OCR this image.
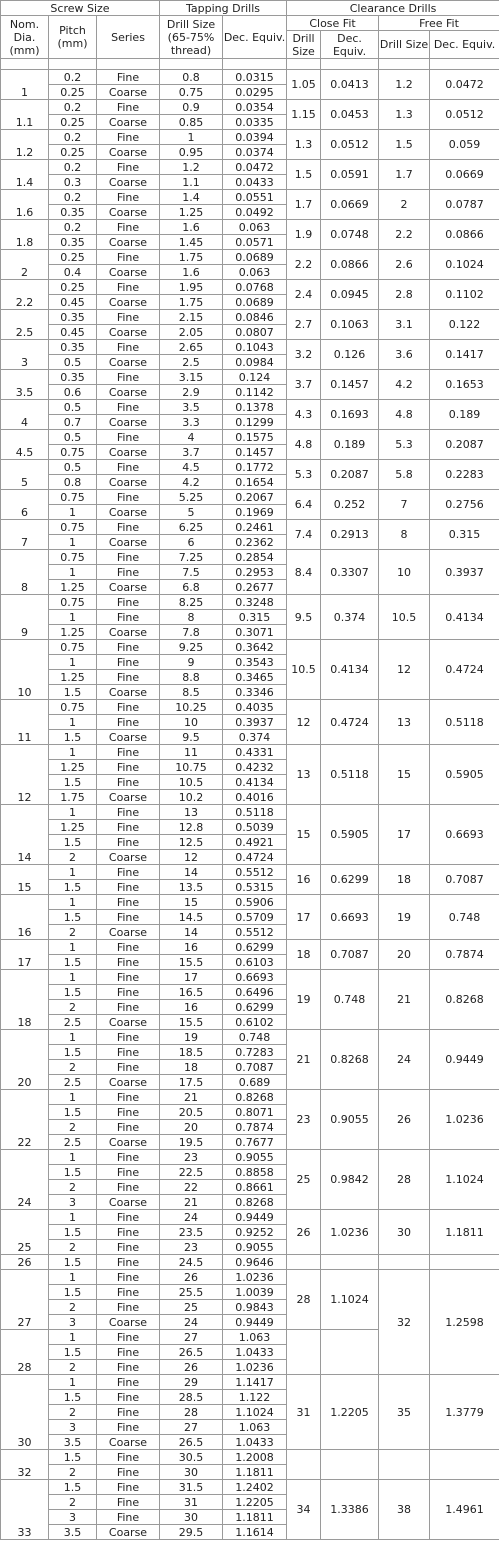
Screw Size			Tapping Drills		Clearance Drills			
Nom. Dia. (mm)	Pitch (mm)	Series	Drill Size (65-75% thread)	Dec. Equiv.	Close Fit		Free Fit	
					Drill Size	Dec. Equiv.	Drill Size	Dec. Equiv.

1	0.2	Fine	0.8	0.0315	1.05	0.0413	1.2	0.0472
	0.25	Coarse	0.75	0.0295				
1.1	0.2	Fine	0.9	0.0354	1.15	0.0453	1.3	0.0512
	0.25	Coarse	0.85	0.0335				
1.2	0.2	Fine	1	0.0394	1.3	0.0512	1.5	0.059
	0.25	Coarse	0.95	0.0374				
1.4	0.2	Fine	1.2	0.0472	1.5	0.0591	1.7	0.0669
	0.3	Coarse	1.1	0.0433				
1.6	0.2	Fine	1.4	0.0551	1.7	0.0669	2	0.0787
	0.35	Coarse	1.25	0.0492				
1.8	0.2	Fine	1.6	0.063	1.9	0.0748	2.2	0.0866
	0.35	Coarse	1.45	0.0571				
2	0.25	Fine	1.75	0.0689	2.2	0.0866	2.6	0.1024
	0.4	Coarse	1.6	0.063				
2.2	0.25	Fine	1.95	0.0768	2.4	0.0945	2.8	0.1102
	0.45	Coarse	1.75	0.0689				
2.5	0.35	Fine	2.15	0.0846	2.7	0.1063	3.1	0.122
	0.45	Coarse	2.05	0.0807				
3	0.35	Fine	2.65	0.1043	3.2	0.126	3.6	0.1417
	0.5	Coarse	2.5	0.0984				
3.5	0.35	Fine	3.15	0.124	3.7	0.1457	4.2	0.1653
	0.6	Coarse	2.9	0.1142				
4	0.5	Fine	3.5	0.1378	4.3	0.1693	4.8	0.189
	0.7	Coarse	3.3	0.1299				
4.5	0.5	Fine	4	0.1575	4.8	0.189	5.3	0.2087
	0.75	Coarse	3.7	0.1457				
5	0.5	Fine	4.5	0.1772	5.3	0.2087	5.8	0.2283
	0.8	Coarse	4.2	0.1654				
6	0.75	Fine	5.25	0.2067	6.4	0.252	7	0.2756
	1	Coarse	5	0.1969				
7	0.75	Fine	6.25	0.2461	7.4	0.2913	8	0.315
	1	Coarse	6	0.2362				
8	0.75	Fine	7.25	0.2854	8.4	0.3307	10	0.3937
	1	Fine	7.5	0.2953				
	1.25	Coarse	6.8	0.2677				
9	0.75	Fine	8.25	0.3248	9.5	0.374	10.5	0.4134
	1	Fine	8	0.315				
	1.25	Coarse	7.8	0.3071				
10	0.75	Fine	9.25	0.3642	10.5	0.4134	12	0.4724
	1	Fine	9	0.3543				
	1.25	Fine	8.8	0.3465				
	1.5	Coarse	8.5	0.3346				
11	0.75	Fine	10.25	0.4035	12	0.4724	13	0.5118
	1	Fine	10	0.3937				
	1.5	Coarse	9.5	0.374				
12	1	Fine	11	0.4331	13	0.5118	15	0.5905
	1.25	Fine	10.75	0.4232				
	1.5	Fine	10.5	0.4134				
	1.75	Coarse	10.2	0.4016				
14	1	Fine	13	0.5118	15	0.5905	17	0.6693
	1.25	Fine	12.8	0.5039				
	1.5	Fine	12.5	0.4921				
	2	Coarse	12	0.4724				
15	1	Fine	14	0.5512	16	0.6299	18	0.7087
	1.5	Fine	13.5	0.5315				
16	1	Fine	15	0.5906	17	0.6693	19	0.748
	1.5	Fine	14.5	0.5709				
	2	Coarse	14	0.5512				
17	1	Fine	16	0.6299	18	0.7087	20	0.7874
	1.5	Fine	15.5	0.6103				
18	1	Fine	17	0.6693	19	0.748	21	0.8268
	1.5	Fine	16.5	0.6496				
	2	Fine	16	0.6299				
	2.5	Coarse	15.5	0.6102				
20	1	Fine	19	0.748	21	0.8268	24	0.9449
	1.5	Fine	18.5	0.7283				
	2	Fine	18	0.7087				
	2.5	Coarse	17.5	0.689				
22	1	Fine	21	0.8268	23	0.9055	26	1.0236
	1.5	Fine	20.5	0.8071				
	2	Fine	20	0.7874				
	2.5	Coarse	19.5	0.7677				
24	1	Fine	23	0.9055	25	0.9842	28	1.1024
	1.5	Fine	22.5	0.8858				
	2	Fine	22	0.8661				
	3	Coarse	21	0.8268				
25	1	Fine	24	0.9449	26	1.0236	30	1.1811
	1.5	Fine	23.5	0.9252				
	2	Fine	23	0.9055				
26	1.5	Fine	24.5	0.9646				
27	1	Fine	26	1.0236	28	1.1024	32	1.2598
	1.5	Fine	25.5	1.0039				
	2	Fine	25	0.9843				
	3	Coarse	24	0.9449				
28	1	Fine	27	1.063				
	1.5	Fine	26.5	1.0433				
	2	Fine	26	1.0236				
30	1	Fine	29	1.1417	31	1.2205	35	1.3779
	1.5	Fine	28.5	1.122				
	2	Fine	28	1.1024				
	3	Fine	27	1.063				
	3.5	Coarse	26.5	1.0433				
32	1.5	Fine	30.5	1.2008				
	2	Fine	30	1.1811				
33	1.5	Fine	31.5	1.2402	34	1.3386	38	1.4961
	2	Fine	31	1.2205				
	3	Fine	30	1.1811				
	3.5	Coarse	29.5	1.1614				
